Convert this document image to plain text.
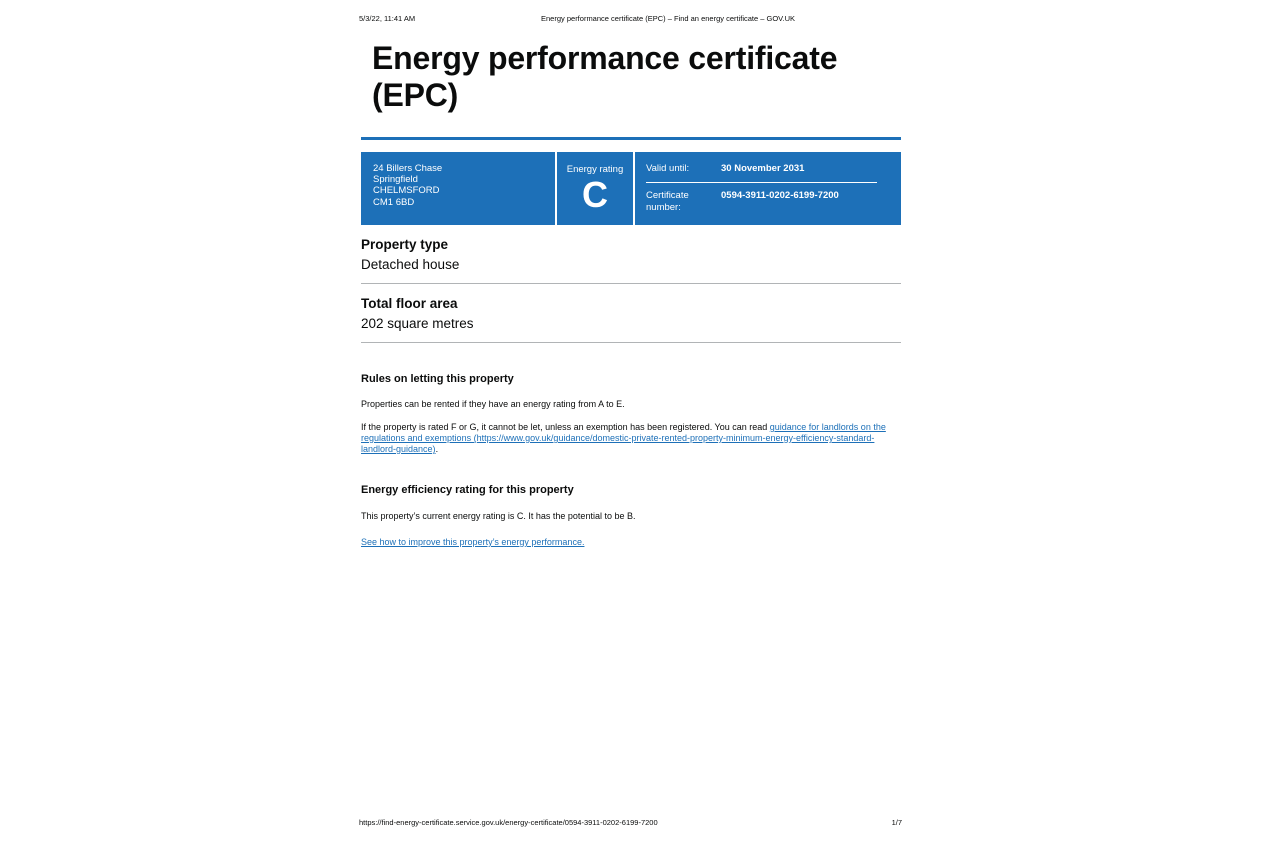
5/3/22, 11:41 AM	Energy performance certificate (EPC) – Find an energy certificate – GOV.UK
Energy performance certificate (EPC)
24 Billers Chase
Springfield
CHELMSFORD
CM1 6BD
Energy rating
C
Valid until:	30 November 2031
Certificate number:
0594-3911-0202-6199-7200
Property type
Detached house
Total floor area
202 square metres
Rules on letting this property

Properties can be rented if they have an energy rating from A to E.

If the property is rated F or G, it cannot be let, unless an exemption has been registered. You can read guidance for landlords on the regulations and exemptions (https://www.gov.uk/guidance/domestic-private-rented-property-minimum-energy-efficiency-standard-landlord-guidance).

Energy efficiency rating for this property

This property’s current energy rating is C. It has the potential to be B.

See how to improve this property’s energy performance.

https://find-energy-certificate.service.gov.uk/energy-certificate/0594-3911-0202-6199-7200	1/7
